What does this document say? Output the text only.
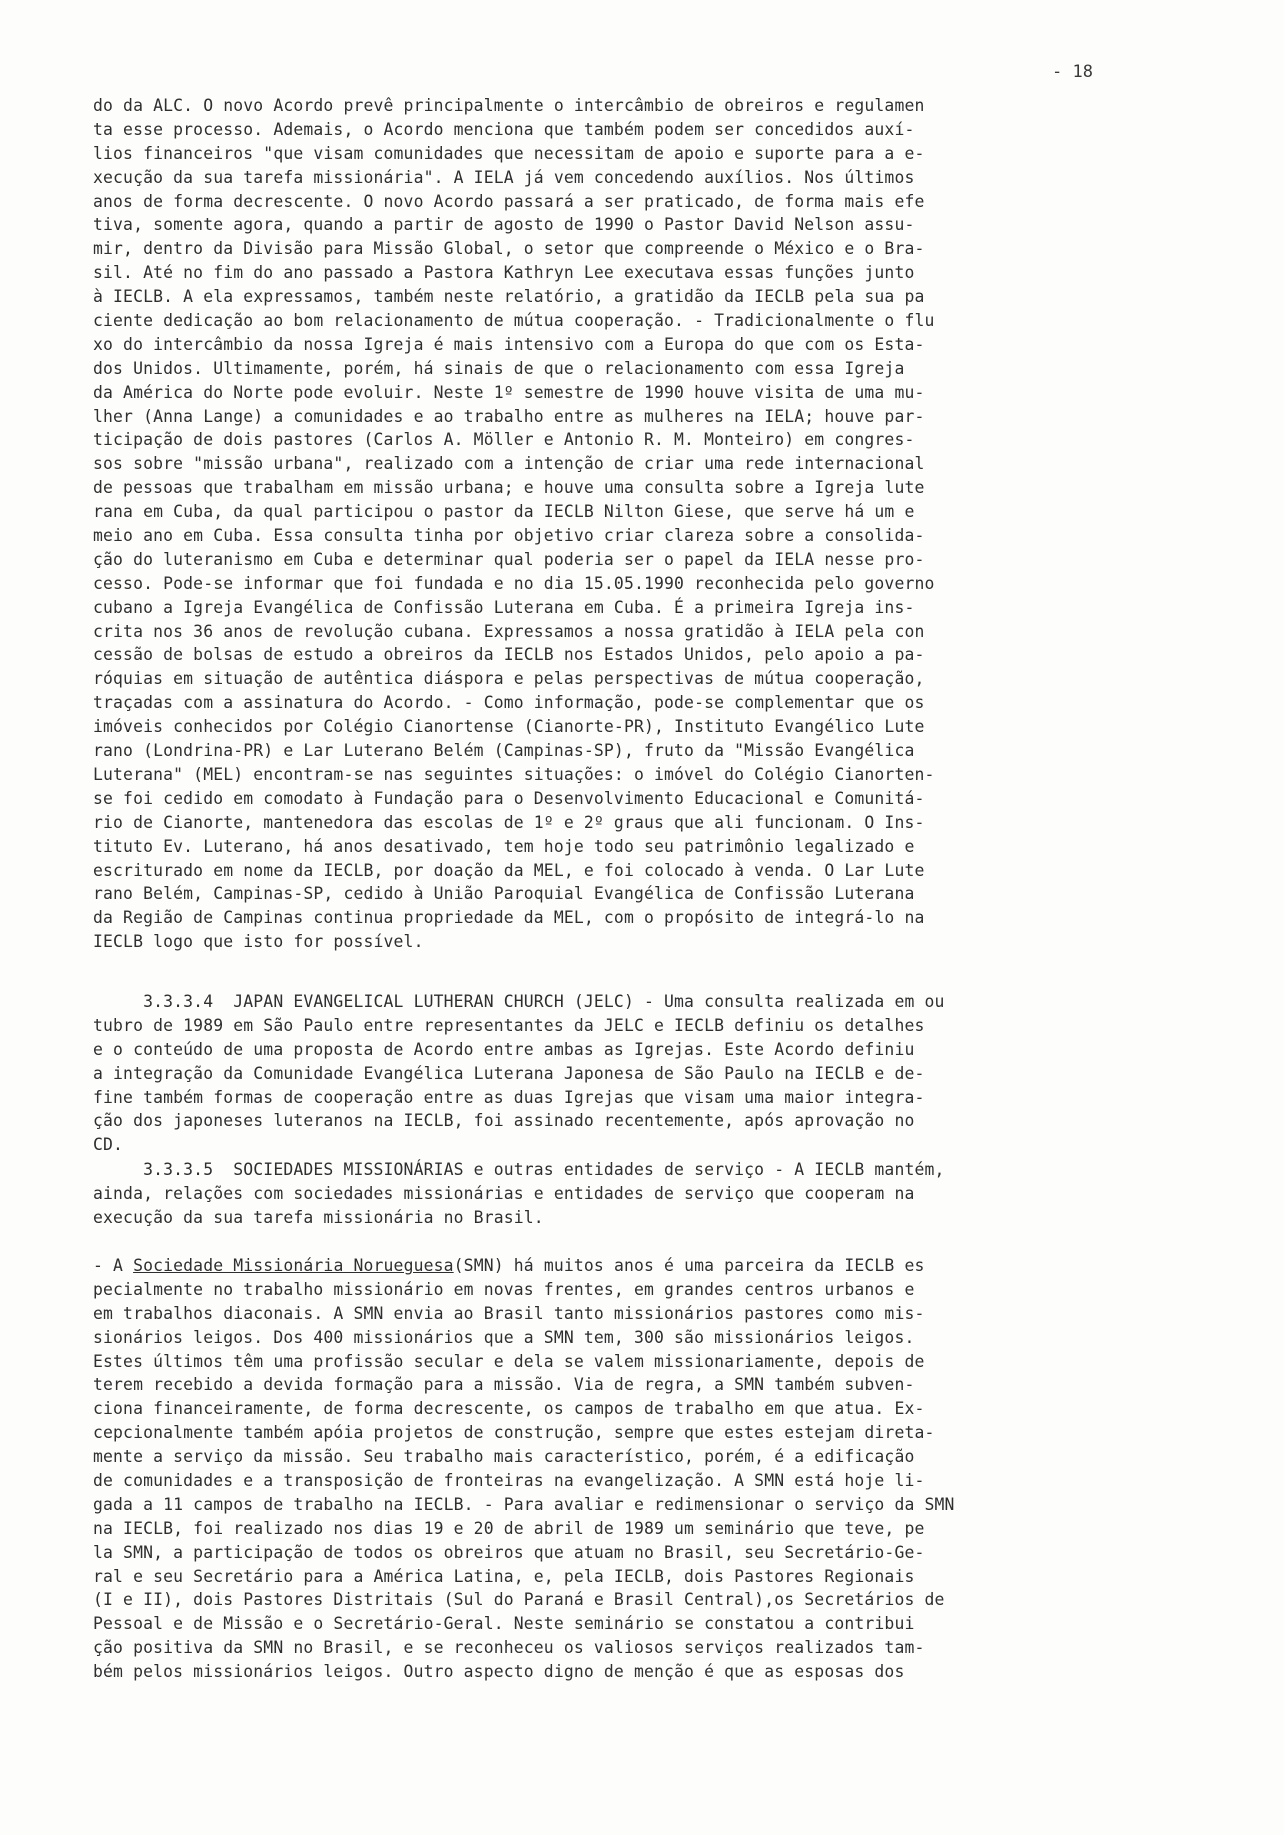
- 18
do da ALC. O novo Acordo prevê principalmente o intercâmbio de obreiros e regulamen
ta esse processo. Ademais, o Acordo menciona que também podem ser concedidos auxí-
lios financeiros "que visam comunidades que necessitam de apoio e suporte para a e-
xecução da sua tarefa missionária". A IELA já vem concedendo auxílios. Nos últimos
anos de forma decrescente. O novo Acordo passará a ser praticado, de forma mais efe
tiva, somente agora, quando a partir de agosto de 1990 o Pastor David Nelson assu-
mir, dentro da Divisão para Missão Global, o setor que compreende o México e o Bra-
sil. Até no fim do ano passado a Pastora Kathryn Lee executava essas funções junto
à IECLB. A ela expressamos, também neste relatório, a gratidão da IECLB pela sua pa
ciente dedicação ao bom relacionamento de mútua cooperação. - Tradicionalmente o flu
xo do intercâmbio da nossa Igreja é mais intensivo com a Europa do que com os Esta-
dos Unidos. Ultimamente, porém, há sinais de que o relacionamento com essa Igreja
da América do Norte pode evoluir. Neste 1º semestre de 1990 houve visita de uma mu-
lher (Anna Lange) a comunidades e ao trabalho entre as mulheres na IELA; houve par-
ticipação de dois pastores (Carlos A. Möller e Antonio R. M. Monteiro) em congres-
sos sobre "missão urbana", realizado com a intenção de criar uma rede internacional
de pessoas que trabalham em missão urbana; e houve uma consulta sobre a Igreja lute
rana em Cuba, da qual participou o pastor da IECLB Nilton Giese, que serve há um e
meio ano em Cuba. Essa consulta tinha por objetivo criar clareza sobre a consolida-
ção do luteranismo em Cuba e determinar qual poderia ser o papel da IELA nesse pro-
cesso. Pode-se informar que foi fundada e no dia 15.05.1990 reconhecida pelo governo
cubano a Igreja Evangélica de Confissão Luterana em Cuba. É a primeira Igreja ins-
crita nos 36 anos de revolução cubana. Expressamos a nossa gratidão à IELA pela con
cessão de bolsas de estudo a obreiros da IECLB nos Estados Unidos, pelo apoio a pa-
róquias em situação de autêntica diáspora e pelas perspectivas de mútua cooperação,
traçadas com a assinatura do Acordo. - Como informação, pode-se complementar que os
imóveis conhecidos por Colégio Cianortense (Cianorte-PR), Instituto Evangélico Lute
rano (Londrina-PR) e Lar Luterano Belém (Campinas-SP), fruto da "Missão Evangélica
Luterana" (MEL) encontram-se nas seguintes situações: o imóvel do Colégio Cianorten-
se foi cedido em comodato à Fundação para o Desenvolvimento Educacional e Comunitá-
rio de Cianorte, mantenedora das escolas de 1º e 2º graus que ali funcionam. O Ins-
tituto Ev. Luterano, há anos desativado, tem hoje todo seu patrimônio legalizado e
escriturado em nome da IECLB, por doação da MEL, e foi colocado à venda. O Lar Lute
rano Belém, Campinas-SP, cedido à União Paroquial Evangélica de Confissão Luterana
da Região de Campinas continua propriedade da MEL, com o propósito de integrá-lo na
IECLB logo que isto for possível.
3.3.3.4  JAPAN EVANGELICAL LUTHERAN CHURCH (JELC) - Uma consulta realizada em ou
tubro de 1989 em São Paulo entre representantes da JELC e IECLB definiu os detalhes
e o conteúdo de uma proposta de Acordo entre ambas as Igrejas. Este Acordo definiu
a integração da Comunidade Evangélica Luterana Japonesa de São Paulo na IECLB e de-
fine também formas de cooperação entre as duas Igrejas que visam uma maior integra-
ção dos japoneses luteranos na IECLB, foi assinado recentemente, após aprovação no
CD.
3.3.3.5  SOCIEDADES MISSIONÁRIAS e outras entidades de serviço - A IECLB mantém,
ainda, relações com sociedades missionárias e entidades de serviço que cooperam na
execução da sua tarefa missionária no Brasil.
- A Sociedade Missionária Norueguesa(SMN) há muitos anos é uma parceira da IECLB es
pecialmente no trabalho missionário em novas frentes, em grandes centros urbanos e
em trabalhos diaconais. A SMN envia ao Brasil tanto missionários pastores como mis-
sionários leigos. Dos 400 missionários que a SMN tem, 300 são missionários leigos.
Estes últimos têm uma profissão secular e dela se valem missionariamente, depois de
terem recebido a devida formação para a missão. Via de regra, a SMN também subven-
ciona financeiramente, de forma decrescente, os campos de trabalho em que atua. Ex-
cepcionalmente também apóia projetos de construção, sempre que estes estejam direta-
mente a serviço da missão. Seu trabalho mais característico, porém, é a edificação
de comunidades e a transposição de fronteiras na evangelização. A SMN está hoje li-
gada a 11 campos de trabalho na IECLB. - Para avaliar e redimensionar o serviço da SMN
na IECLB, foi realizado nos dias 19 e 20 de abril de 1989 um seminário que teve, pe
la SMN, a participação de todos os obreiros que atuam no Brasil, seu Secretário-Ge-
ral e seu Secretário para a América Latina, e, pela IECLB, dois Pastores Regionais
(I e II), dois Pastores Distritais (Sul do Paraná e Brasil Central),os Secretários de
Pessoal e de Missão e o Secretário-Geral. Neste seminário se constatou a contribui
ção positiva da SMN no Brasil, e se reconheceu os valiosos serviços realizados tam-
bém pelos missionários leigos. Outro aspecto digno de menção é que as esposas dos
